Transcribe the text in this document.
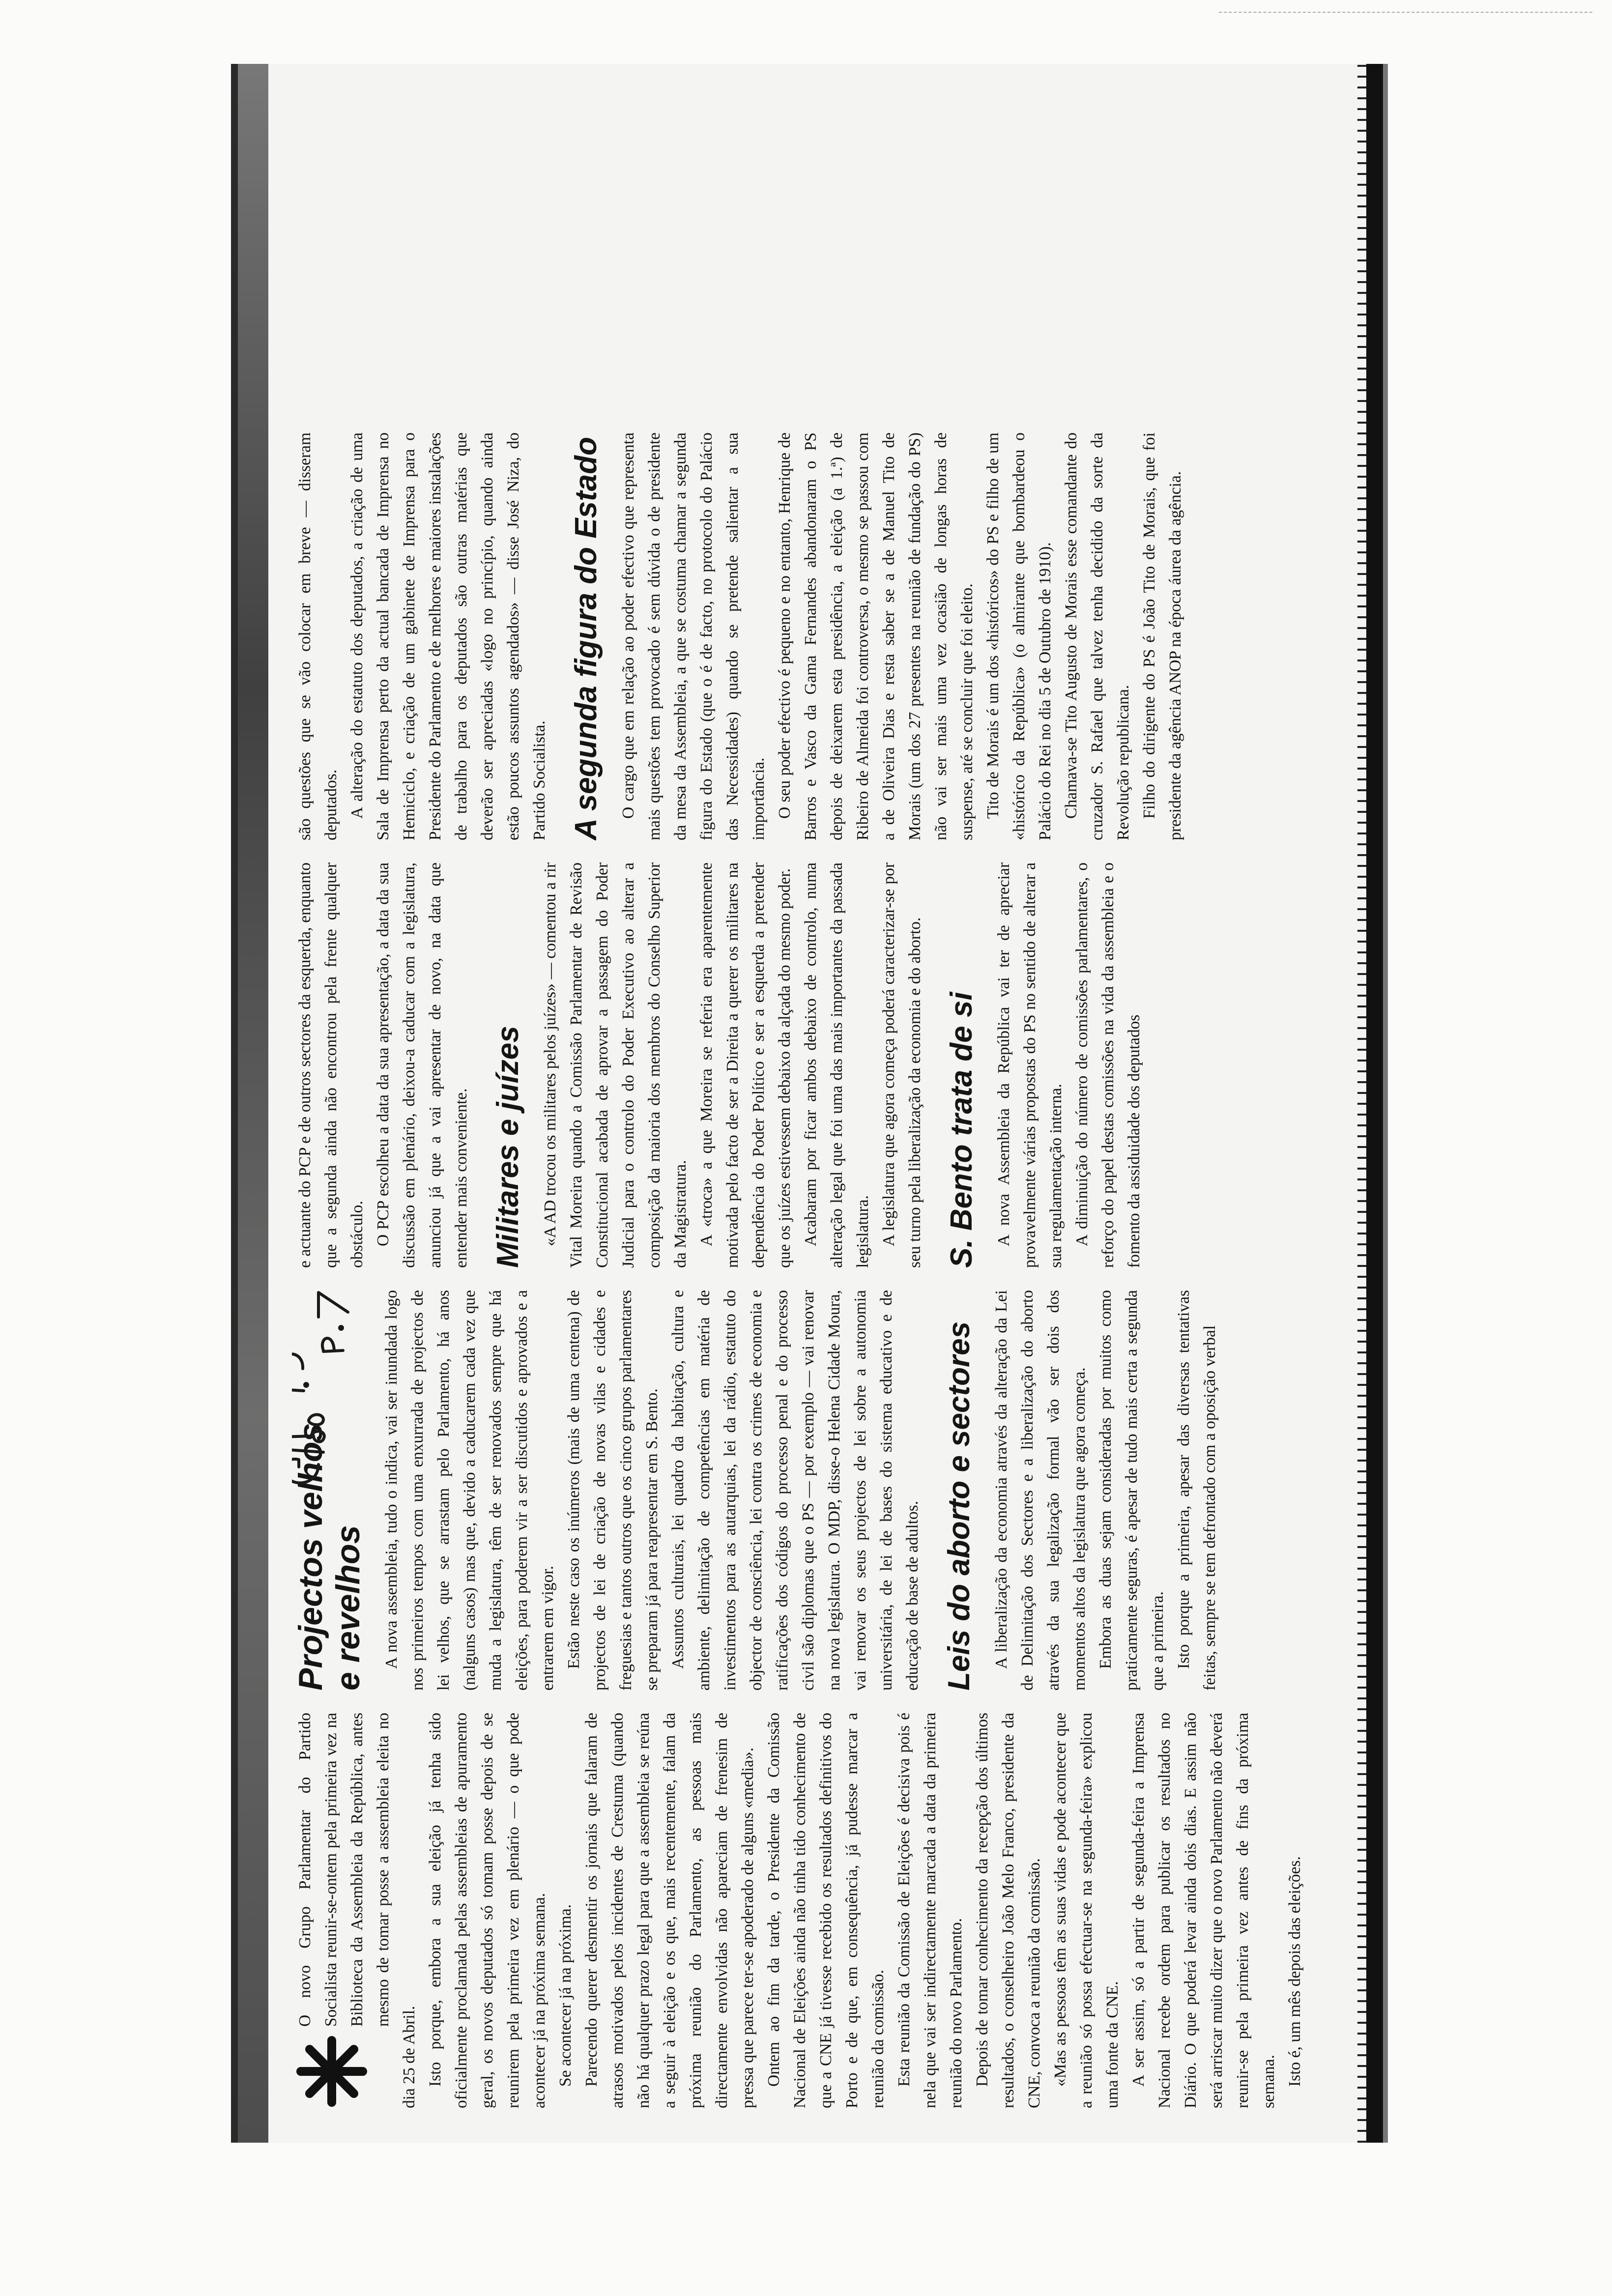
O novo Grupo Parlamentar do Partido Socialista reunir-se-ontem pela primeira vez na Biblioteca da Assembleia da República, antes mesmo de tomar posse a assembleia eleita no dia 25 de Abril. Isto porque, embora a sua eleição já tenha sido oficialmente proclamada pelas assembleias de apuramento geral, os novos deputados só tomam posse depois de se reunirem pela primeira vez em plenário — o que pode acontecer já na próxima semana. Se acontecer já na próxima. Parecendo querer desmentir os jornais que falaram de atrasos motivados pelos incidentes de Crestuma (quando não há qualquer prazo legal para que a assembleia se reúna a seguir à eleição e os que, mais recentemente, falam da próxima reunião do Parlamento, as pessoas mais directamente envolvidas não apareciam de frenesim de pressa que parece ter-se apoderado de alguns «media». Ontem ao fim da tarde, o Presidente da Comissão Nacional de Eleições ainda não tinha tido conhecimento de que a CNE já tivesse recebido os resultados definitivos do Porto e de que, em consequência, já pudesse marcar a reunião da comissão. Esta reunião da Comissão de Eleições é decisiva pois é nela que vai ser indirectamente marcada a data da primeira reunião do novo Parlamento. Depois de tomar conhecimento da recepção dos últimos resultados, o conselheiro João Melo Franco, presidente da CNE, convoca a reunião da comissão. «Mas as pessoas têm as suas vidas e pode acontecer que a reunião só possa efectuar-se na segunda-feira» explicou uma fonte da CNE. A ser assim, só a partir de segunda-feira a Imprensa Nacional recebe ordem para publicar os resultados no Diário. O que poderá levar ainda dois dias. E assim não será arriscar muito dizer que o novo Parlamento não deverá reunir-se pela primeira vez antes de fins da próxima semana. Isto é, um mês depois das eleições.

Projectos velhos e revelhos A nova assembleia, tudo o indica, vai ser inundada logo nos primeiros tempos com uma enxurrada de projectos de lei velhos, que se arrastam pelo Parlamento, há anos (nalguns casos) mas que, devido a caducarem cada vez que muda a legislatura, têm de ser renovados sempre que há eleições, para poderem vir a ser discutidos e aprovados e a entrarem em vigor. Estão neste caso os inúmeros (mais de uma centena) de projectos de lei de criação de novas vilas e cidades e freguesias e tantos outros que os cinco grupos parlamentares se preparam já para reapresentar em S. Bento. Assuntos culturais, lei quadro da habitação, cultura e ambiente, delimitação de competências em matéria de investimentos para as autarquias, lei da rádio, estatuto do objector de consciência, lei contra os crimes de economia e ratificações dos códigos do processo penal e do processo civil são diplomas que o PS — por exemplo — vai renovar na nova legislatura. O MDP, disse-o Helena Cidade Moura, vai renovar os seus projectos de lei sobre a autonomia universitária, de lei de bases do sistema educativo e de educação de base de adultos. Leis do aborto e sectores A liberalização da economia através da alteração da Lei de Delimitação dos Sectores e a liberalização do aborto através da sua legalização formal vão ser dois dos momentos altos da legislatura que agora começa. Embora as duas sejam consideradas por muitos como praticamente seguras, é apesar de tudo mais certa a segunda que a primeira. Isto porque a primeira, apesar das diversas tentativas feitas, sempre se tem defrontado com a oposição verbal

e actuante do PCP e de outros sectores da esquerda, enquanto que a segunda ainda não encontrou pela frente qualquer obstáculo. O PCP escolheu a data da sua apresentação, a data da sua discussão em plenário, deixou-a caducar com a legislatura, anunciou já que a vai apresentar de novo, na data que entender mais conveniente. Militares e juízes «A AD trocou os militares pelos juízes» — comentou a rir Vital Moreira quando a Comissão Parlamentar de Revisão Constitucional acabada de aprovar a passagem do Poder Judicial para o controlo do Poder Executivo ao alterar a composição da maioria dos membros do Conselho Superior da Magistratura. A «troca» a que Moreira se referia era aparentemente motivada pelo facto de ser a Direita a querer os militares na dependência do Poder Político e ser a esquerda a pretender que os juízes estivessem debaixo da alçada do mesmo poder. Acabaram por ficar ambos debaixo de controlo, numa alteração legal que foi uma das mais importantes da passada legislatura. A legislatura que agora começa poderá caracterizar-se por seu turno pela liberalização da economia e do aborto. S. Bento trata de si A nova Assembleia da República vai ter de apreciar provavelmente várias propostas do PS no sentido de alterar a sua regulamentação interna. A diminuição do número de comissões parlamentares, o reforço do papel destas comissões na vida da assembleia e o fomento da assiduidade dos deputados

são questões que se vão colocar em breve — disseram deputados. A alteração do estatuto dos deputados, a criação de uma Sala de Imprensa perto da actual bancada de Imprensa no Hemiciclo, e criação de um gabinete de Imprensa para o Presidente do Parlamento e de melhores e maiores instalações de trabalho para os deputados são outras matérias que deverão ser apreciadas «logo no princípio, quando ainda estão poucos assuntos agendados» — disse José Niza, do Partido Socialista. A segunda figura do Estado O cargo que em relação ao poder efectivo que representa mais questões tem provocado é sem dúvida o de presidente da mesa da Assembleia, a que se costuma chamar a segunda figura do Estado (que o é de facto, no protocolo do Palácio das Necessidades) quando se pretende salientar a sua importância. O seu poder efectivo é pequeno e no entanto, Henrique de Barros e Vasco da Gama Fernandes abandonaram o PS depois de deixarem esta presidência, a eleição (a 1.ª) de Ribeiro de Almeida foi controversa, o mesmo se passou com a de Oliveira Dias e resta saber se a de Manuel Tito de Morais (um dos 27 presentes na reunião de fundação do PS) não vai ser mais uma vez ocasião de longas horas de suspense, até se concluir que foi eleito. Tito de Morais é um dos «históricos» do PS e filho de um «histórico da República» (o almirante que bombardeou o Palácio do Rei no dia 5 de Outubro de 1910). Chamava-se Tito Augusto de Morais esse comandante do cruzador S. Rafael que talvez tenha decidido da sorte da Revolução republicana. Filho do dirigente do PS é João Tito de Morais, que foi presidente da agência ANOP na época áurea da agência.
